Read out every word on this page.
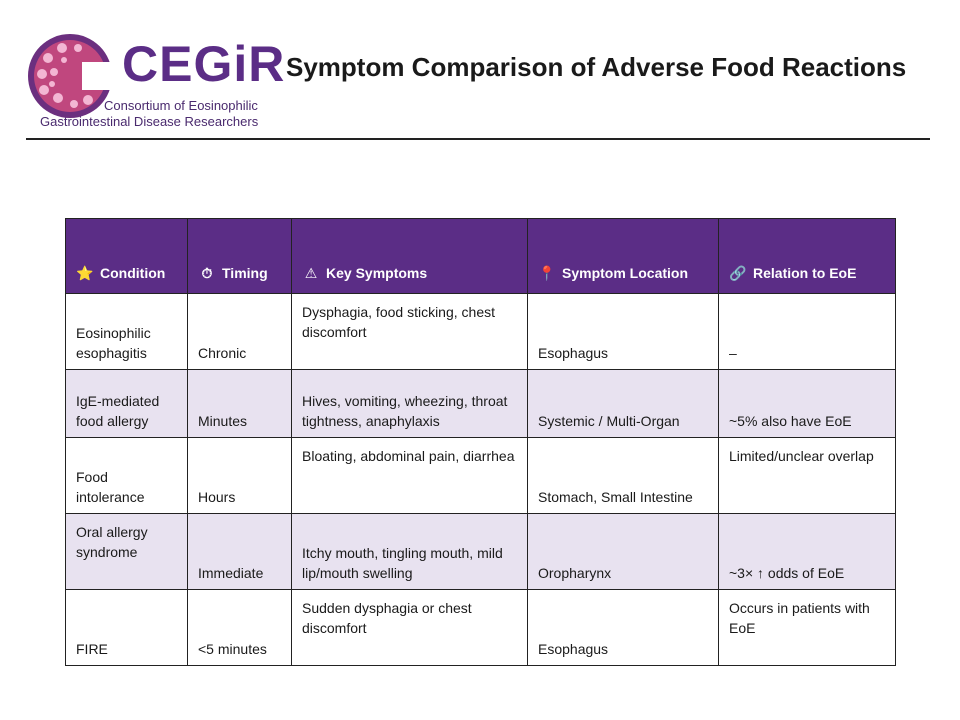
CEGiR
Consortium of Eosinophilic
Gastrointestinal Disease Researchers
Symptom Comparison of Adverse Food Reactions
⭐ Condition	⏱ Timing	⚠ Key Symptoms	📍 Symptom Location	🔗 Relation to EoE
Eosinophilic esophagitis	Chronic	Dysphagia, food sticking, chest discomfort	Esophagus	–
IgE-mediated food allergy	Minutes	Hives, vomiting, wheezing, throat tightness, anaphylaxis	Systemic / Multi-Organ	~5% also have EoE
Food intolerance	Hours	Bloating, abdominal pain, diarrhea	Stomach, Small Intestine	Limited/unclear overlap
Oral allergy syndrome	Immediate	Itchy mouth, tingling mouth, mild lip/mouth swelling	Oropharynx	~3× ↑ odds of EoE
FIRE	<5 minutes	Sudden dysphagia or chest discomfort	Esophagus	Occurs in patients with EoE
